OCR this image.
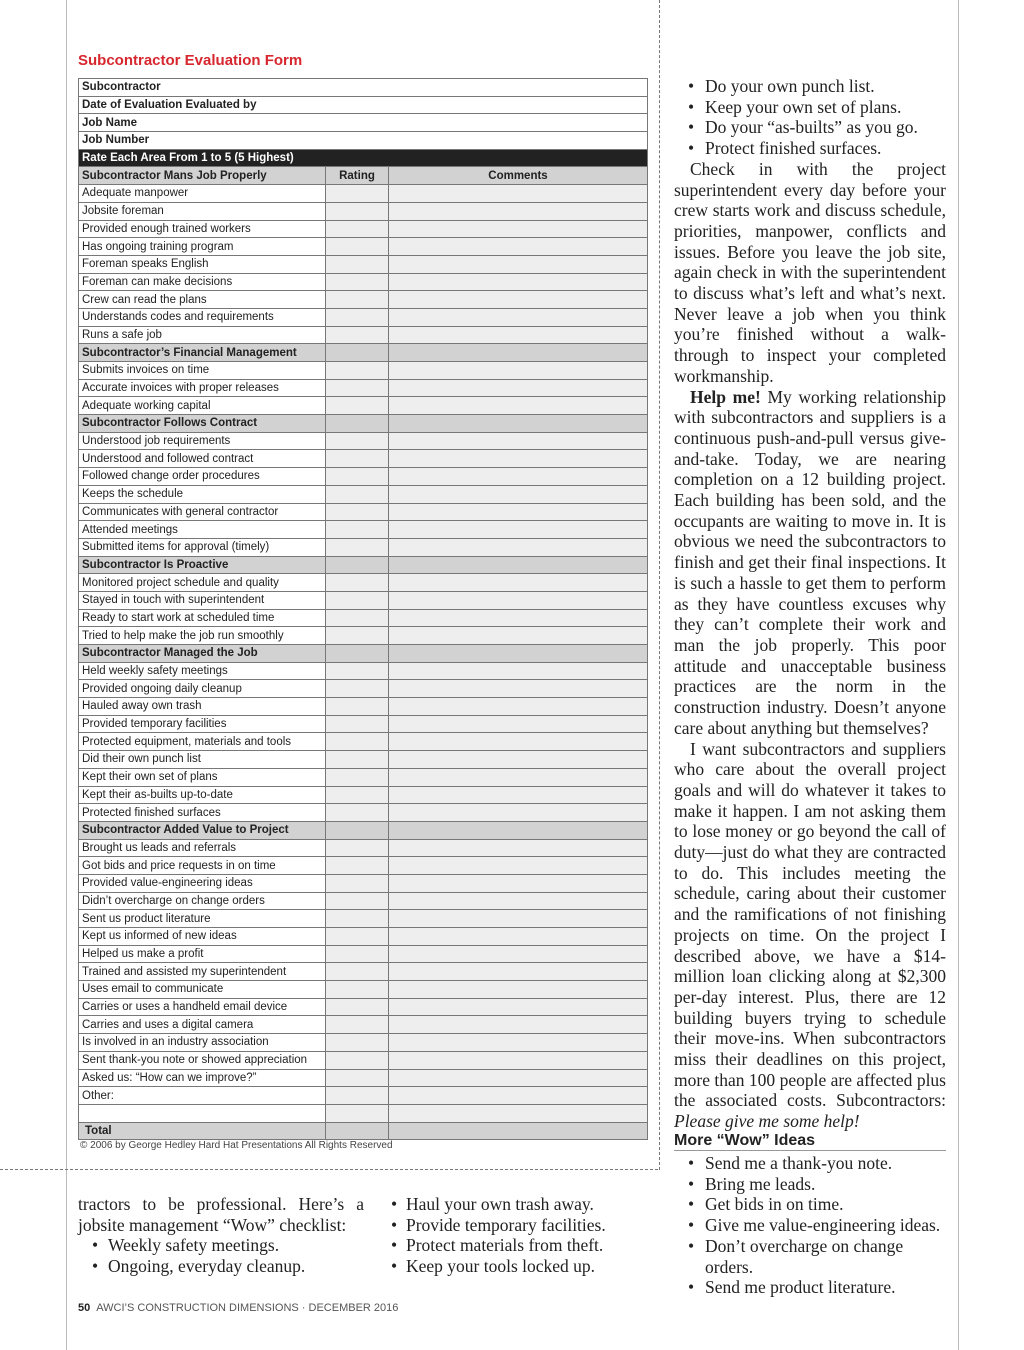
Subcontractor Evaluation Form
Subcontractor		
Date of Evaluation Evaluated by		
Job Name		
Job Number		
Rate Each Area From 1 to 5 (5 Highest)		
Subcontractor Mans Job Properly	Rating	Comments
Adequate manpower		
Jobsite foreman		
Provided enough trained workers		
Has ongoing training program		
Foreman speaks English		
Foreman can make decisions		
Crew can read the plans		
Understands codes and requirements		
Runs a safe job		
Subcontractor’s Financial Management		
Submits invoices on time		
Accurate invoices with proper releases		
Adequate working capital		
Subcontractor Follows Contract		
Understood job requirements		
Understood and followed contract		
Followed change order procedures		
Keeps the schedule		
Communicates with general contractor		
Attended meetings		
Submitted items for approval (timely)		
Subcontractor Is Proactive		
Monitored project schedule and quality		
Stayed in touch with superintendent		
Ready to start work at scheduled time		
Tried to help make the job run smoothly		
Subcontractor Managed the Job		
Held weekly safety meetings		
Provided ongoing daily cleanup		
Hauled away own trash		
Provided temporary facilities		
Protected equipment, materials and tools		
Did their own punch list		
Kept their own set of plans		
Kept their as-builts up-to-date		
Protected finished surfaces		
Subcontractor Added Value to Project		
Brought us leads and referrals		
Got bids and price requests in on time		
Provided value-engineering ideas		
Didn’t overcharge on change orders		
Sent us product literature		
Kept us informed of new ideas		
Helped us make a profit		
Trained and assisted my superintendent		
Uses email to communicate		
Carries or uses a handheld email device		
Carries and uses a digital camera		
Is involved in an industry association		
Sent thank-you note or showed appreciation		
Asked us: “How can we improve?”		
Other:		

Total		

© 2006 by George Hedley Hard Hat Presentations All Rights Reserved

• Do your own punch list.
• Keep your own set of plans.
• Do your “as-builts” as you go.
• Protect finished surfaces.

Check in with the project superintendent every day before your crew starts work and discuss schedule, priorities, manpower, conflicts and issues. Before you leave the job site, again check in with the superintendent to discuss what’s left and what’s next. Never leave a job when you think you’re finished without a walk-through to inspect your completed workmanship.

Help me! My working relationship with subcontractors and suppliers is a continuous push-and-pull versus give-and-take. Today, we are nearing completion on a 12 building project. Each building has been sold, and the occupants are waiting to move in. It is obvious we need the subcontractors to finish and get their final inspections. It is such a hassle to get them to perform as they have countless excuses why they can’t complete their work and man the job properly. This poor attitude and unacceptable business practices are the norm in the construction industry. Doesn’t anyone care about anything but themselves?

I want subcontractors and suppliers who care about the overall project goals and will do whatever it takes to make it happen. I am not asking them to lose money or go beyond the call of duty—just do what they are contracted to do. This includes meeting the schedule, caring about their customer and the ramifications of not finishing projects on time. On the project I described above, we have a $14-million loan clicking along at $2,300 per-day interest. Plus, there are 12 building buyers trying to schedule their move-ins. When subcontractors miss their deadlines on this project, more than 100 people are affected plus the associated costs. Subcontractors: Please give me some help!

More “Wow” Ideas
• Send me a thank-you note.
• Bring me leads.
• Get bids in on time.
• Give me value-engineering ideas.
• Don’t overcharge on change orders.
• Send me product literature.

tractors to be professional. Here’s a jobsite management “Wow” checklist:

• Weekly safety meetings.
• Ongoing, everyday cleanup.
• Haul your own trash away.
• Provide temporary facilities.
• Protect materials from theft.
• Keep your tools locked up.
50 AWCI’S CONSTRUCTION DIMENSIONS · DECEMBER 2016
